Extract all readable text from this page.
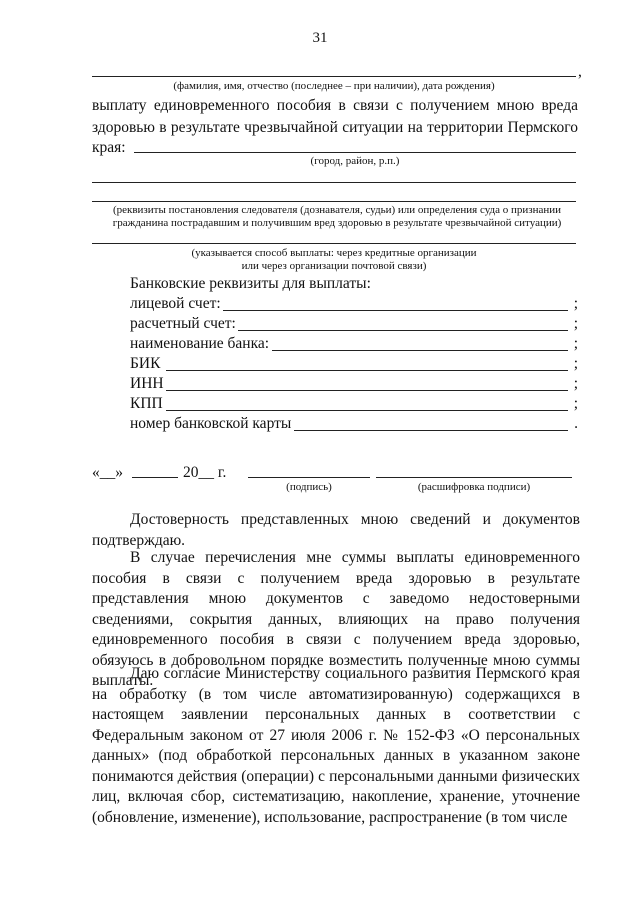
31
,
(фамилия, имя, отчество (последнее – при наличии), дата рождения)
выплату единовременного пособия в связи с получением мною вреда
здоровью в результате чрезвычайной ситуации на территории Пермского
края:
(город, район, р.п.)
(реквизиты постановления следователя (дознавателя, судьи) или определения суда о признании
гражданина пострадавшим и получившим вред здоровью в результате чрезвычайной ситуации)
(указывается способ выплаты: через кредитные организации
или через организации почтовой связи)
Банковские реквизиты для выплаты:
лицевой счет:	;
расчетный счет:	;
наименование банка:	;
БИК	;
ИНН	;
КПП	;
номер банковской карты	.
«__»	20__ г.
(подпись)	(расшифровка подписи)

Достоверность представленных мною сведений и документов подтверждаю.

В случае перечисления мне суммы выплаты единовременного пособия в связи с получением вреда здоровью в результате представления мною документов с заведомо недостоверными сведениями, сокрытия данных, влияющих на право получения единовременного пособия в связи с получением вреда здоровью, обязуюсь в добровольном порядке возместить полученные мною суммы выплаты.

Даю согласие Министерству социального развития Пермского края на обработку (в том числе автоматизированную) содержащихся в настоящем заявлении персональных данных в соответствии с Федеральным законом от 27 июля 2006 г. № 152-ФЗ «О персональных данных» (под обработкой персональных данных в указанном законе понимаются действия (операции) с персональными данными физических лиц, включая сбор, систематизацию, накопление, хранение, уточнение (обновление, изменение), использование, распространение (в том числе
